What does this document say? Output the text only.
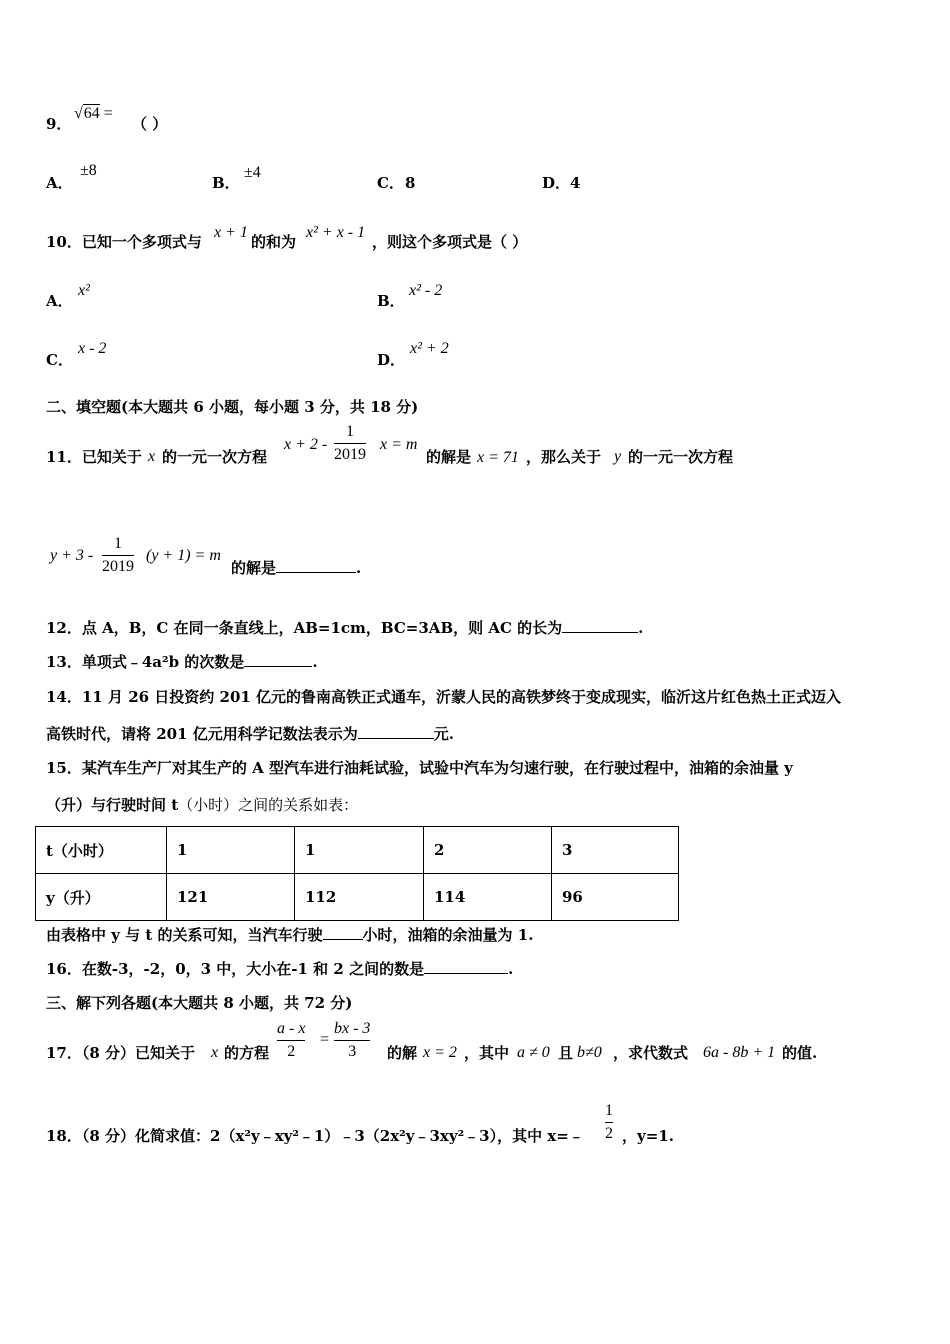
9．
√64 =
（ ）
A．
±8
B．
±4
C． 8	D． 4
10．已知一个多项式与
x + 1
的和为
x² + x - 1
，则这个多项式是（ ）
A．
x²
B．
x² - 2
C．
x - 2
D．
x² + 2
二、填空题(本大题共 6 小题，每小题 3 分，共 18 分)
11．已知关于 x 的一元一次方程
$x + 2 - \frac{1}{2019}$ x = m
的解是 x = 71 ，那么关于 y 的一元一次方程
$y + 3 - \frac{1}{2019} (y + 1) = m$
的解是	.
12．点 A，B，C 在同一条直线上，AB=1cm，BC=3AB，则 AC 的长为	.
13．单项式﹣4a²b 的次数是	.
14．11 月 26 日投资约 201 亿元的鲁南高铁正式通车，沂蒙人民的高铁梦终于变成现实，临沂这片红色热土正式迈入
高铁时代，请将 201 亿元用科学记数法表示为	元.
15．某汽车生产厂对其生产的 A 型汽车进行油耗试验，试验中汽车为匀速行驶，在行驶过程中，油箱的余油量 y
（升）与行驶时间 t（小时）之间的关系如表：
t（小时）	1	1	2	3
y（升）	121	112	114	96
由表格中 y 与 t 的关系可知，当汽车行驶	小时，油箱的余油量为 1.
16．在数-3，-2，0，3 中，大小在-1 和 2 之间的数是	.
三、解下列各题(本大题共 8 小题，共 72 分)
17．（8 分）已知关于 x 的方程 $\frac{a - x}{2} = \frac{bx - 3}{3}$ 的解 x = 2 ，其中 a ≠ 0 且 b≠0 ，求代数式 6a - 8b + 1 的值.
18．（8 分）化简求值：2（x²y﹣xy²﹣1）﹣3（2x²y﹣3xy²﹣3），其中 x=﹣ $\frac{1}{2}$ ，y=1.
